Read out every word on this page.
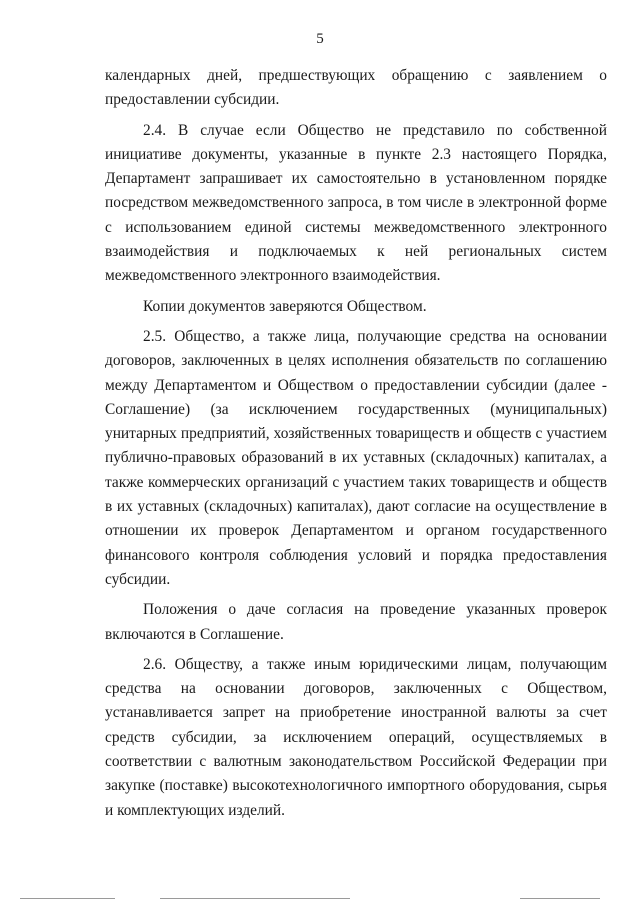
5

календарных дней, предшествующих обращению с заявлением о предоставлении субсидии.

2.4. В случае если Общество не представило по собственной инициативе документы, указанные в пункте 2.3 настоящего Порядка, Департамент запрашивает их самостоятельно в установленном порядке посредством межведомственного запроса, в том числе в электронной форме с использованием единой системы межведомственного электронного взаимодействия и подключаемых к ней региональных систем межведомственного электронного взаимодействия.

Копии документов заверяются Обществом.

2.5. Общество, а также лица, получающие средства на основании договоров, заключенных в целях исполнения обязательств по соглашению между Департаментом и Обществом о предоставлении субсидии (далее - Соглашение) (за исключением государственных (муниципальных) унитарных предприятий, хозяйственных товариществ и обществ с участием публично-правовых образований в их уставных (складочных) капиталах, а также коммерческих организаций с участием таких товариществ и обществ в их уставных (складочных) капиталах), дают согласие на осуществление в отношении их проверок Департаментом и органом государственного финансового контроля соблюдения условий и порядка предоставления субсидии.

Положения о даче согласия на проведение указанных проверок включаются в Соглашение.

2.6. Обществу, а также иным юридическими лицам, получающим средства на основании договоров, заключенных с Обществом, устанавливается запрет на приобретение иностранной валюты за счет средств субсидии, за исключением операций, осуществляемых в соответствии с валютным законодательством Российской Федерации при закупке (поставке) высокотехнологичного импортного оборудования, сырья и комплектующих изделий.
